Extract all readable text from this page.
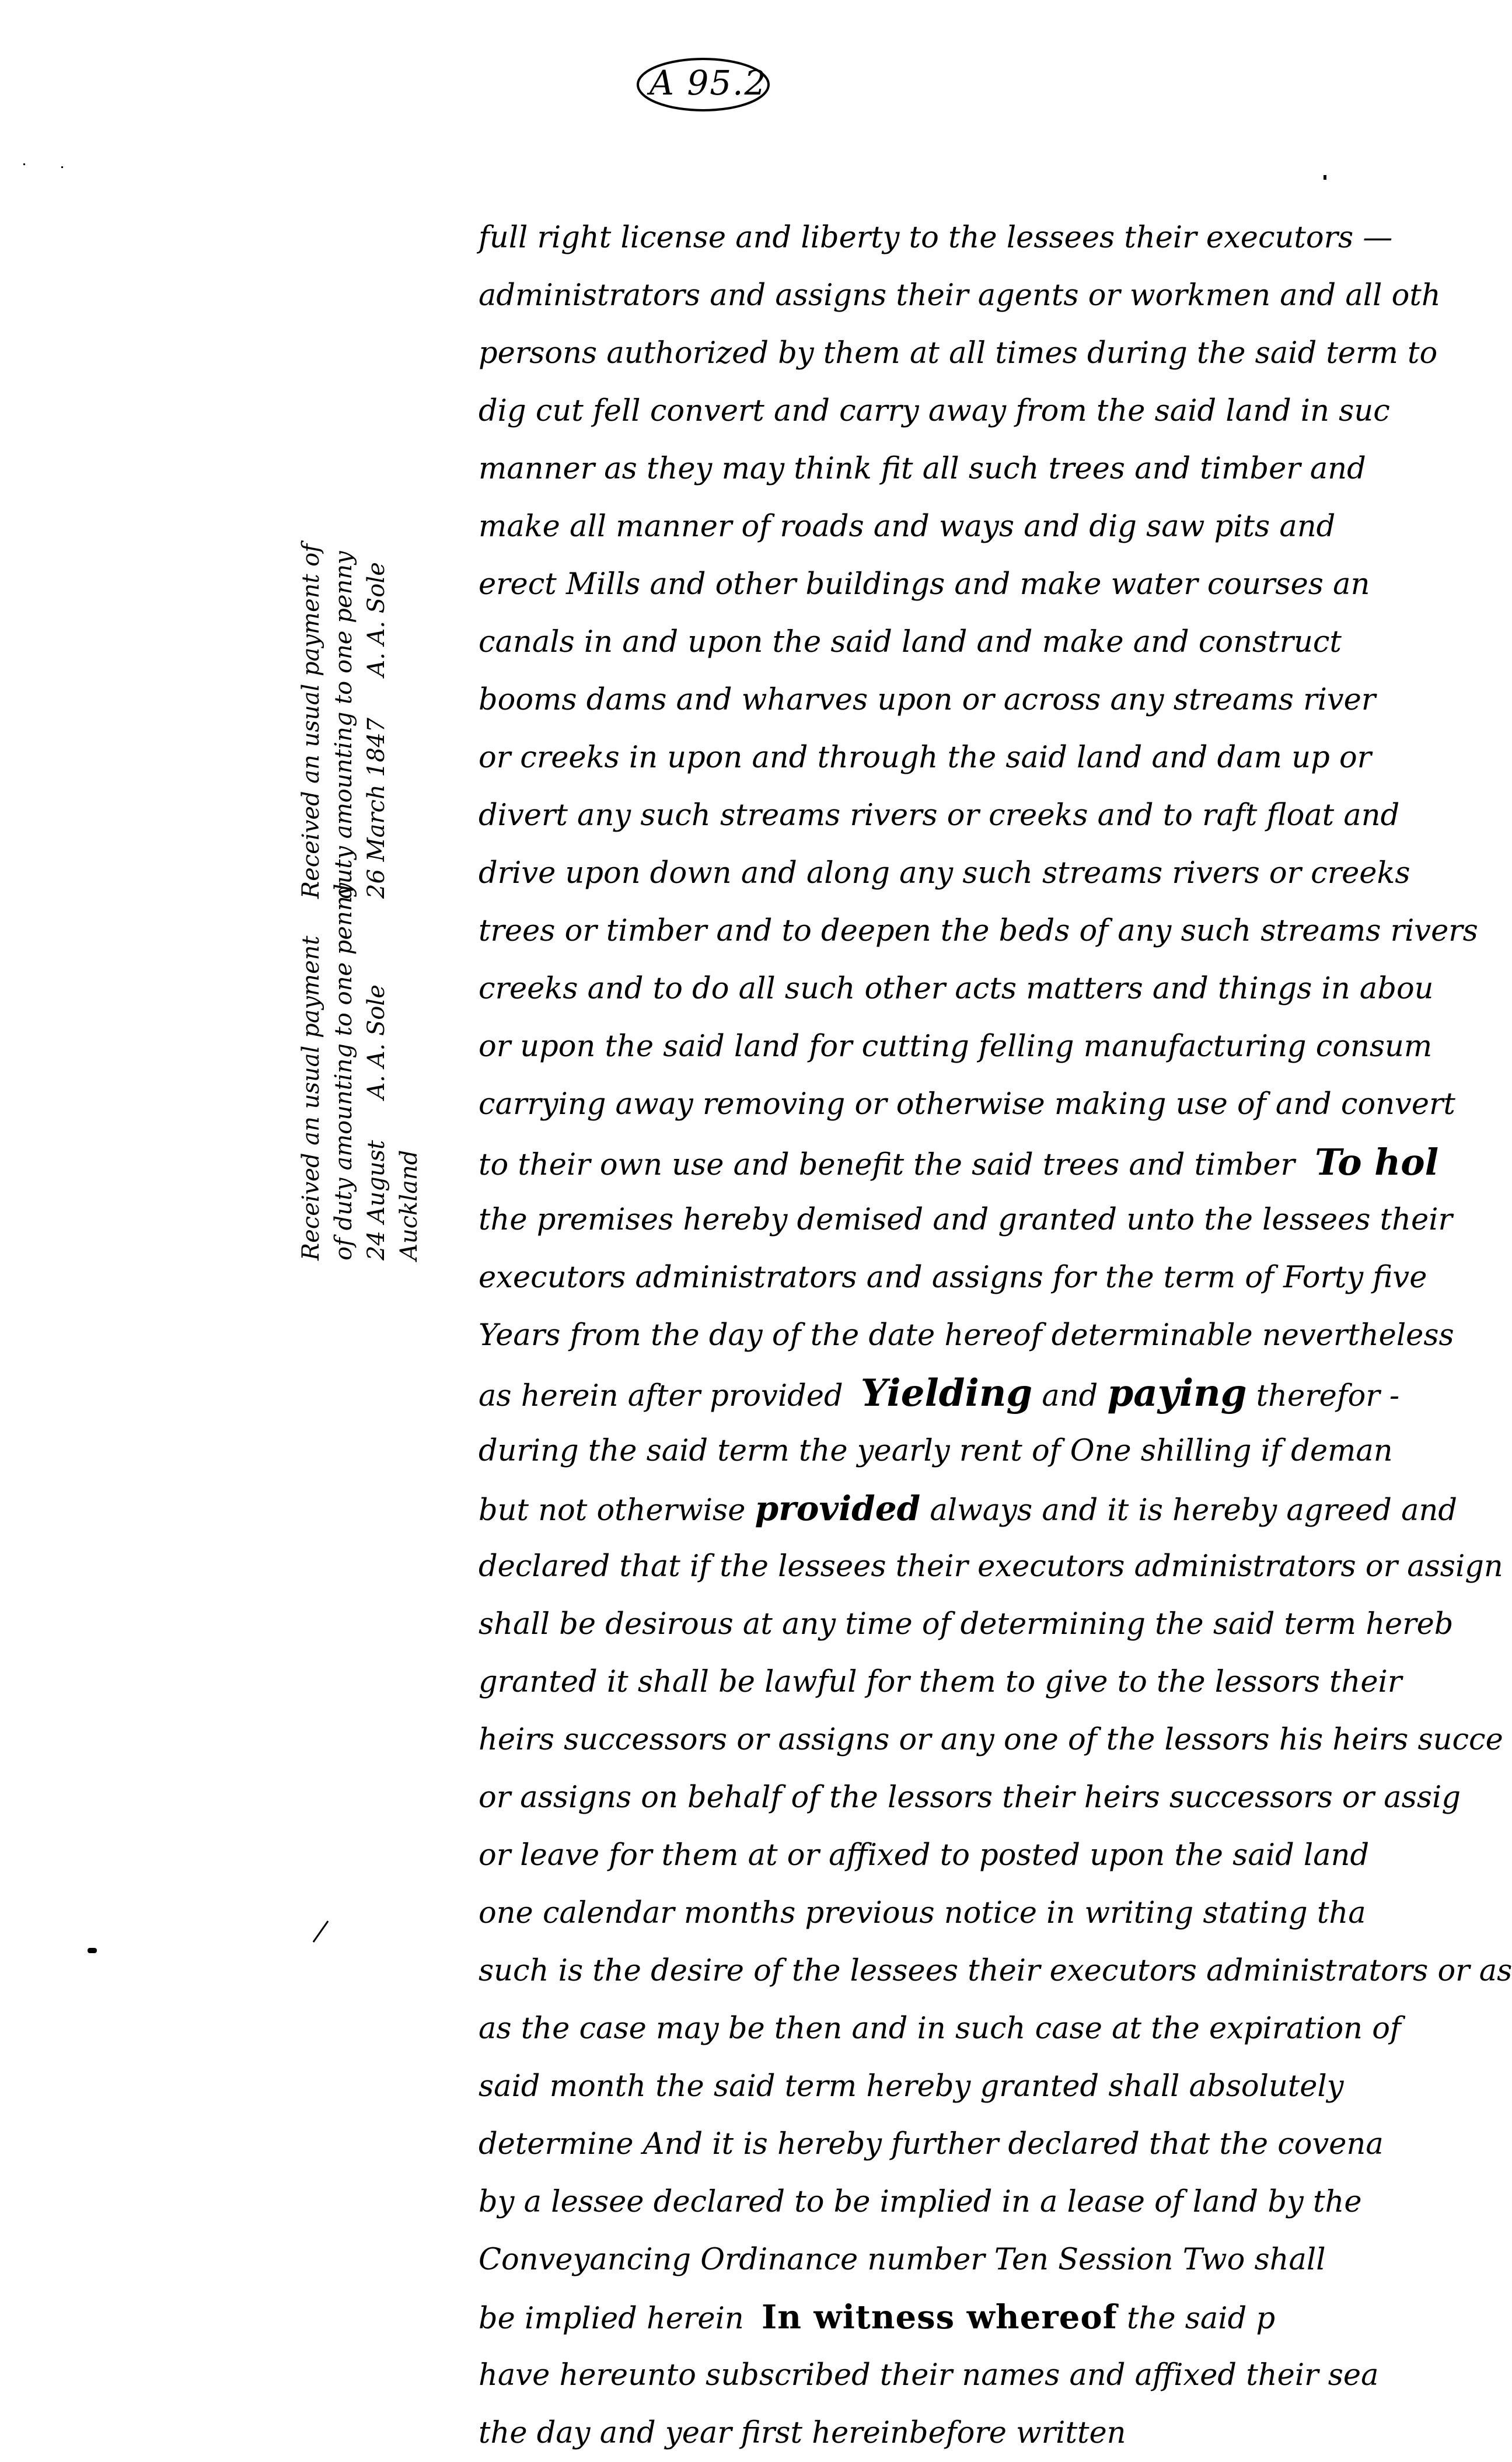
A 95.2
Received an usual payment of duty amounting to one penny 26 March 1847
A. A. Sole
Received an usual payment of duty amounting to one penny 24 August
A. A. Sole
Auckland
full right license and liberty to the lessees their executors —
administrators and assigns their agents or workmen and all oth
persons authorized by them at all times during the said term to
dig cut fell convert and carry away from the said land in suc
manner as they may think fit all such trees and timber and
make all manner of roads and ways and dig saw pits and
erect Mills and other buildings and make water courses an
canals in and upon the said land and make and construct
booms dams and wharves upon or across any streams river
or creeks in upon and through the said land and dam up or
divert any such streams rivers or creeks and to raft float and
drive upon down and along any such streams rivers or creeks
trees or timber and to deepen the beds of any such streams rivers
creeks and to do all such other acts matters and things in abou
or upon the said land for cutting felling manufacturing consum
carrying away removing or otherwise making use of and convert
to their own use and benefit the said trees and timber To hol
the premises hereby demised and granted unto the lessees their
executors administrators and assigns for the term of Forty five
Years from the day of the date hereof determinable nevertheless
as herein after provided Yielding and paying therefor -
during the said term the yearly rent of One shilling if deman
but not otherwise provided always and it is hereby agreed and
declared that if the lessees their executors administrators or assign
shall be desirous at any time of determining the said term hereb
granted it shall be lawful for them to give to the lessors their
heirs successors or assigns or any one of the lessors his heirs succe
or assigns on behalf of the lessors their heirs successors or assig
or leave for them at or affixed to posted upon the said land
one calendar months previous notice in writing stating tha
such is the desire of the lessees their executors administrators or as
as the case may be then and in such case at the expiration of
said month the said term hereby granted shall absolutely
determine And it is hereby further declared that the covena
by a lessee declared to be implied in a lease of land by the
Conveyancing Ordinance number Ten Session Two shall
be implied herein In witness whereof the said p
have hereunto subscribed their names and affixed their sea
the day and year first hereinbefore written
